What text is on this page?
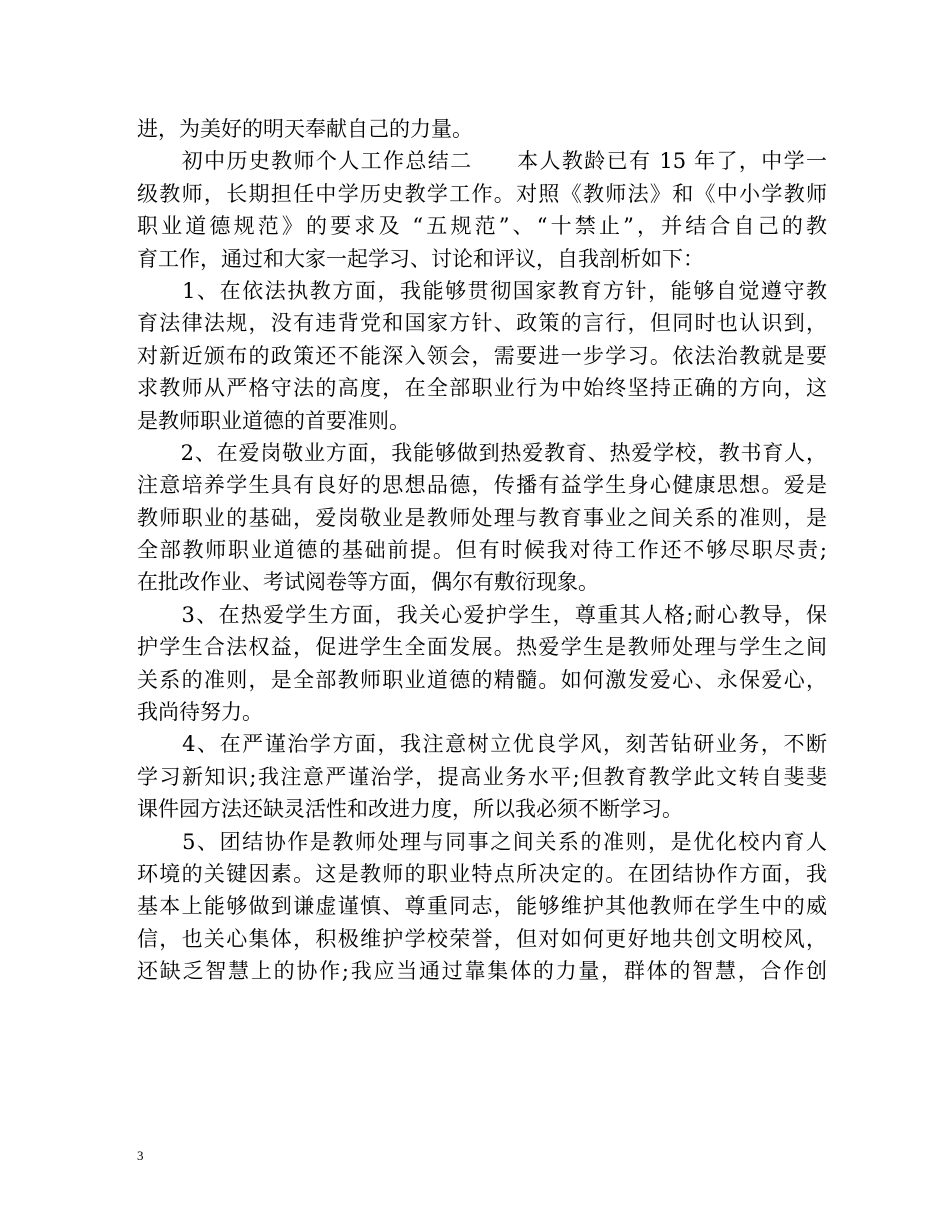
进，为美好的明天奉献自己的力量。
　　初中历史教师个人工作总结二　　本人教龄已有 15 年了，中学一
级教师，长期担任中学历史教学工作。对照《教师法》和《中小学教师
职业道德规范》的要求及 “五规范”、“十禁止”，并结合自己的教
育工作，通过和大家一起学习、讨论和评议，自我剖析如下：
　　1、在依法执教方面，我能够贯彻国家教育方针，能够自觉遵守教
育法律法规，没有违背党和国家方针、政策的言行，但同时也认识到，
对新近颁布的政策还不能深入领会，需要进一步学习。依法治教就是要
求教师从严格守法的高度，在全部职业行为中始终坚持正确的方向，这
是教师职业道德的首要准则。
　　2、在爱岗敬业方面，我能够做到热爱教育、热爱学校，教书育人，
注意培养学生具有良好的思想品德，传播有益学生身心健康思想。爱是
教师职业的基础，爱岗敬业是教师处理与教育事业之间关系的准则，是
全部教师职业道德的基础前提。但有时候我对待工作还不够尽职尽责;
在批改作业、考试阅卷等方面，偶尔有敷衍现象。
　　3、在热爱学生方面，我关心爱护学生，尊重其人格;耐心教导，保
护学生合法权益，促进学生全面发展。热爱学生是教师处理与学生之间
关系的准则，是全部教师职业道德的精髓。如何激发爱心、永保爱心，
我尚待努力。
　　4、在严谨治学方面，我注意树立优良学风，刻苦钻研业务，不断
学习新知识;我注意严谨治学，提高业务水平;但教育教学此文转自斐斐
课件园方法还缺灵活性和改进力度，所以我必须不断学习。
　　5、团结协作是教师处理与同事之间关系的准则，是优化校内育人
环境的关键因素。这是教师的职业特点所决定的。在团结协作方面，我
基本上能够做到谦虚谨慎、尊重同志，能够维护其他教师在学生中的威
信，也关心集体，积极维护学校荣誉，但对如何更好地共创文明校风，
还缺乏智慧上的协作;我应当通过靠集体的力量，群体的智慧，合作创
3
